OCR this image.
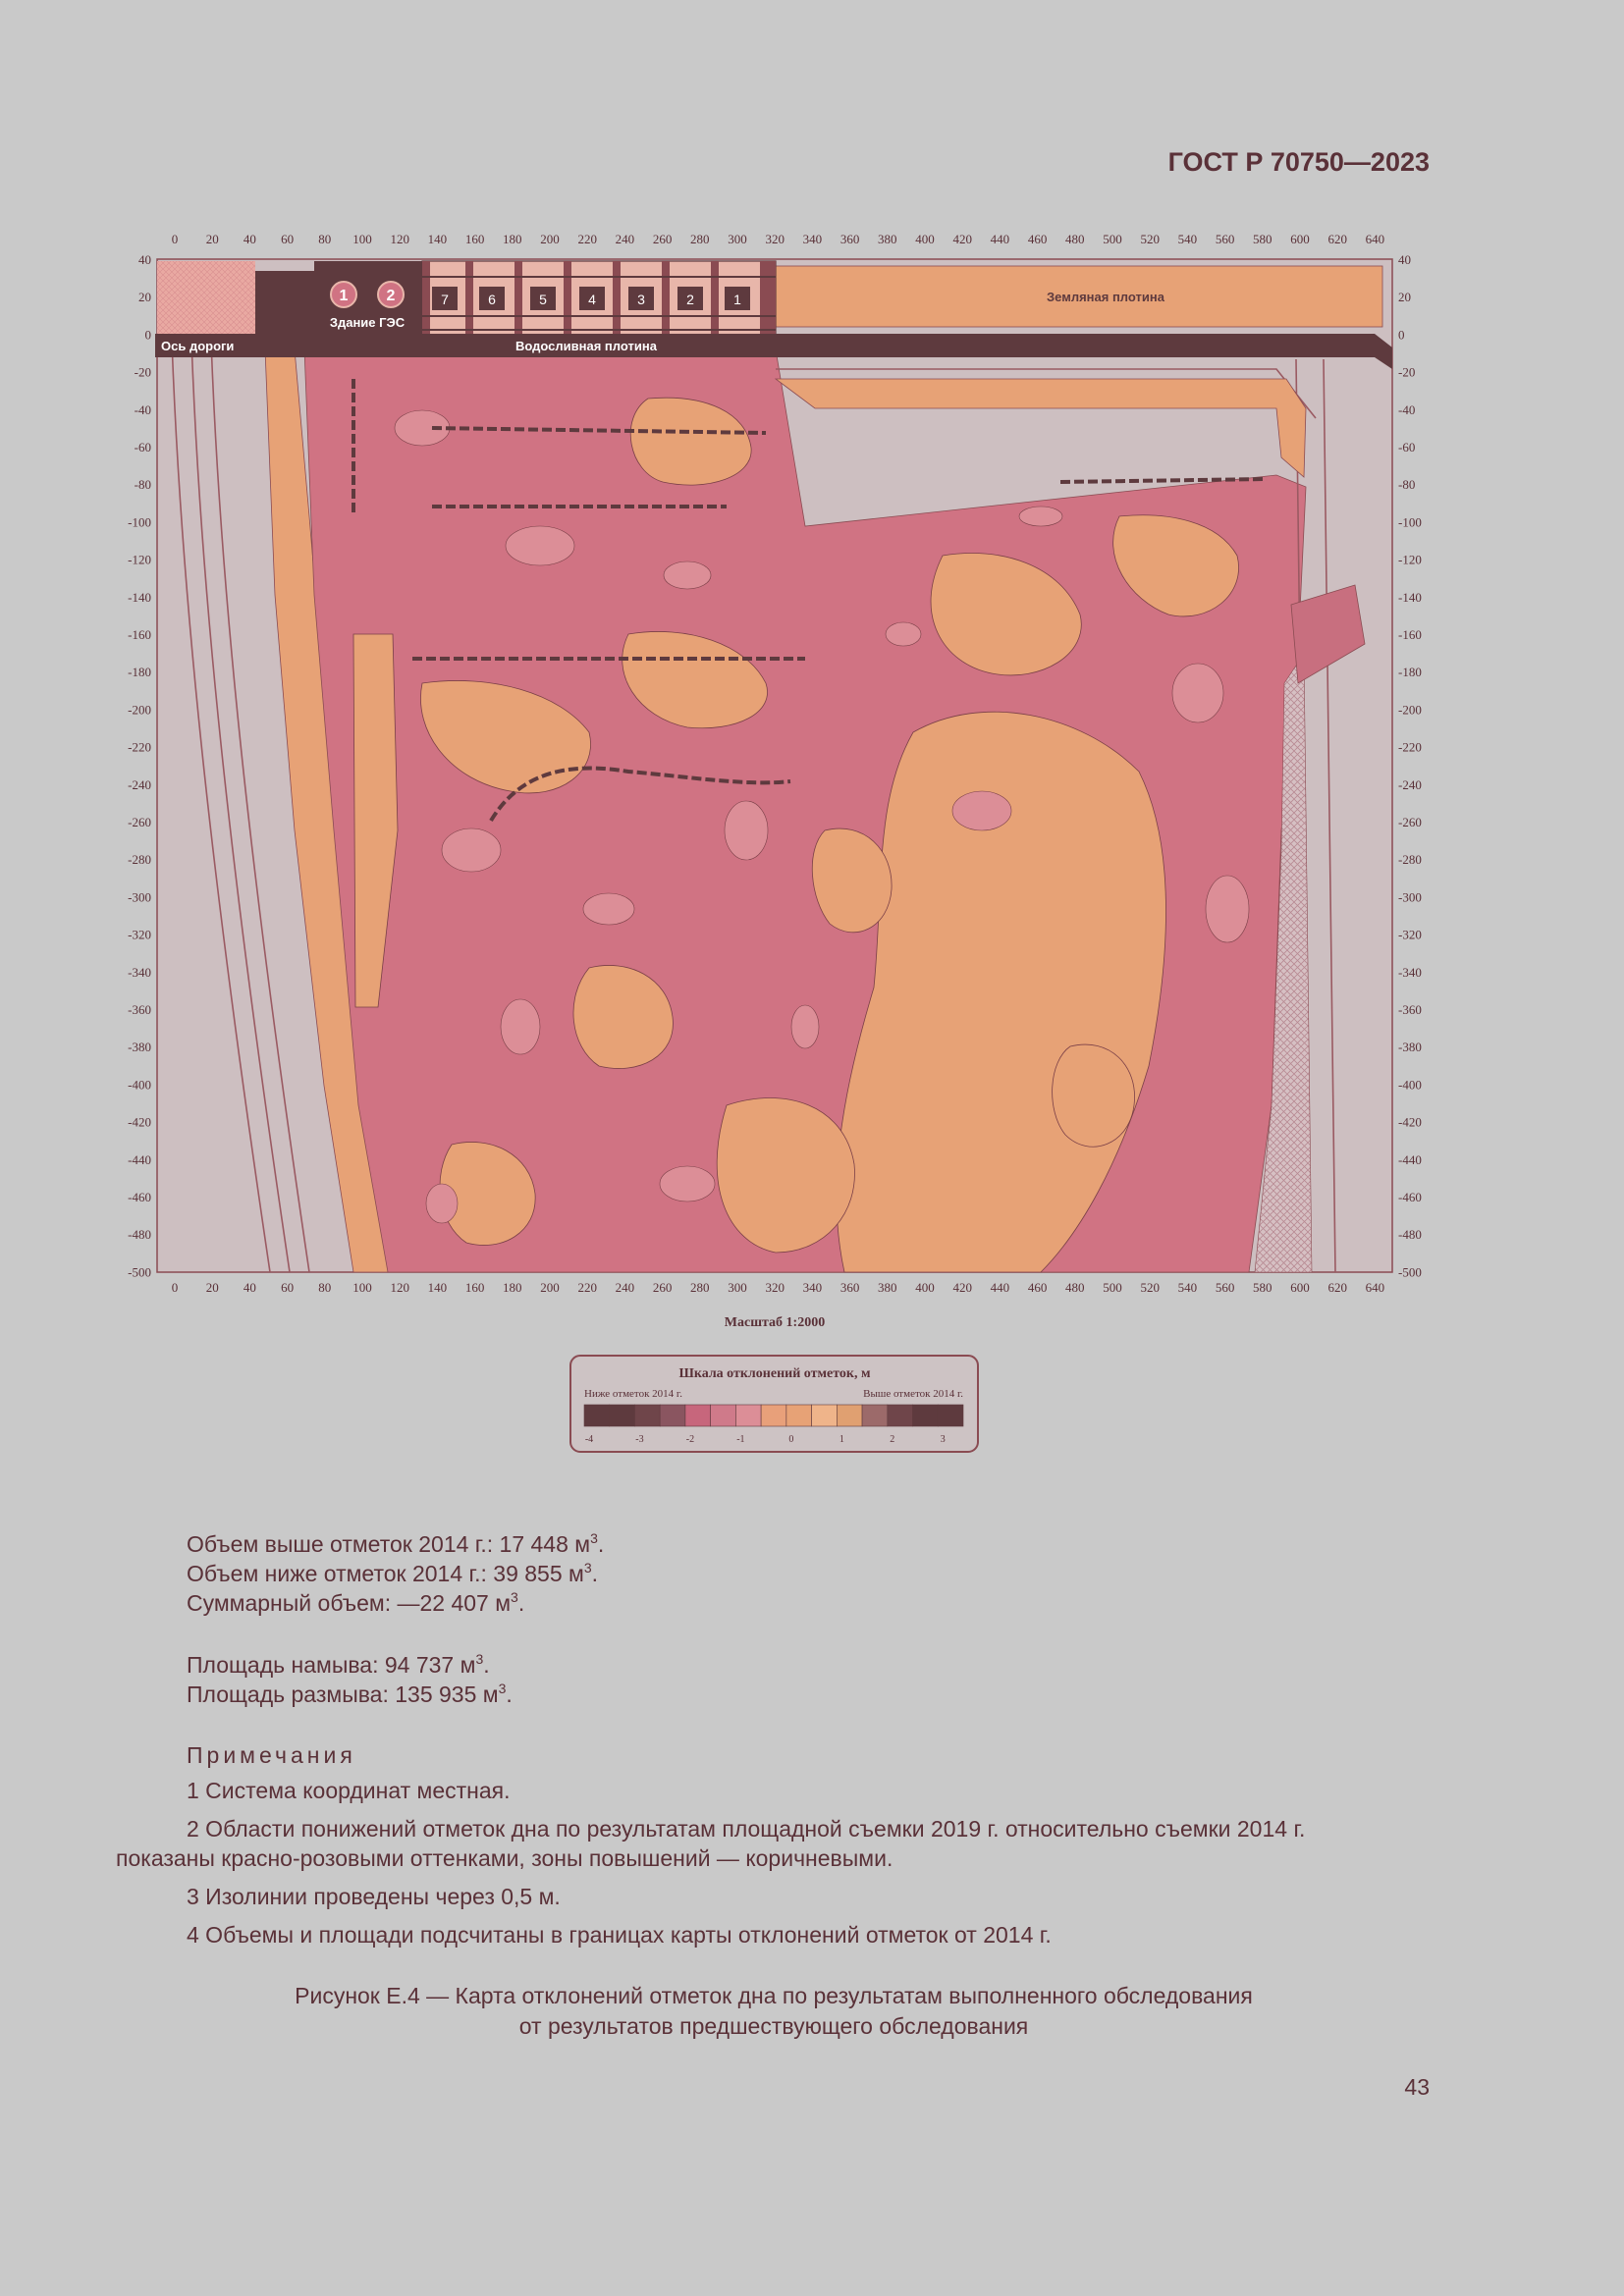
ГОСТ Р 70750—2023
7	6	5	4	3	2	1
1 2
Здание ГЭС
Ось дороги	Водосливная плотина
Земляная плотина
0 20 40 60 80 100 120 140 160 180 200 220 240 260 280 300 320 340 360 380 400 420 440 460 480 500 520 540 560 580 600 620 640
0 20 40 60 80 100 120 140 160 180 200 220 240 260 280 300 320 340 360 380 400 420 440 460 480 500 520 540 560 580 600 620 640
40
20
0
-20
-40
-60
-80
-100
-120
-140
-160
-180
-200
-220
-240
-260
-280
-300
-320
-340
-360
-380
-400
-420
-440
-460
-480
-500
40
20
0
-20
-40
-60
-80
-100
-120
-140
-160
-180
-200
-220
-240
-260
-280
-300
-320
-340
-360
-380
-400
-420
-440
-460
-480
-500
Масштаб 1:2000
Шкала отклонений отметок, м
Ниже отметок 2014 г.	Выше отметок 2014 г.
-4	-3	-2	-1	0	1	2	3

Объем выше отметок 2014 г.: 17 448 $м^3$.

Объем ниже отметок 2014 г.: 39 855 $м^3$.

Суммарный объем: —22 407 $м^3$.

Площадь намыва: 94 737 $м^3$.

Площадь размыва: 135 935 $м^3$.

Примечания

1 Система координат местная.

2 Области понижений отметок дна по результатам площадной съемки 2019 г. относительно съемки 2014 г.

показаны красно-розовыми оттенками, зоны повышений — коричневыми.

3 Изолинии проведены через 0,5 м.

4 Объемы и площади подсчитаны в границах карты отклонений отметок от 2014 г.

Рисунок Е.4 — Карта отклонений отметок дна по результатам выполненного обследования
от результатов предшествующего обследования
43
